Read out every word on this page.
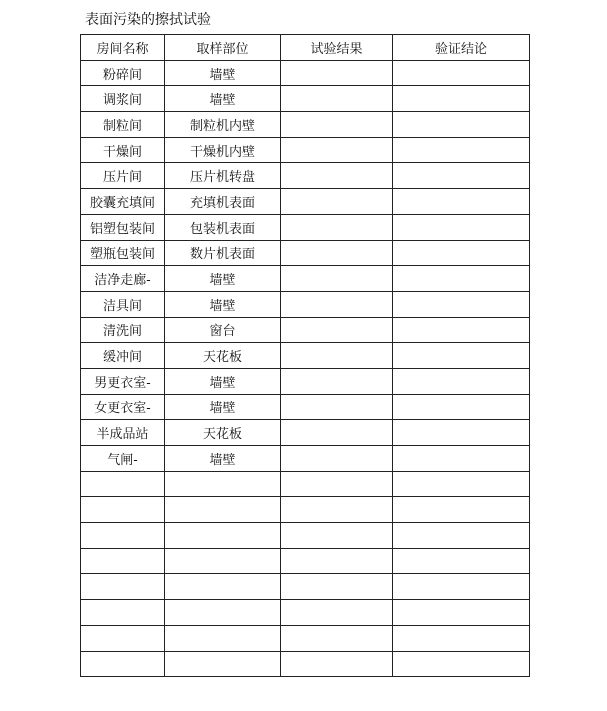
表面污染的擦拭试验
房间名称	取样部位	试验结果	验证结论
粉碎间	墙壁		
调浆间	墙壁		
制粒间	制粒机内壁		
干燥间	干燥机内壁		
压片间	压片机转盘		
胶囊充填间	充填机表面		
铝塑包装间	包装机表面		
塑瓶包装间	数片机表面		
洁净走廊-	墙壁		
洁具间	墙壁		
清洗间	窗台		
缓冲间	天花板		
男更衣室-	墙壁		
女更衣室-	墙壁		
半成品站	天花板		
气闸-	墙壁		
